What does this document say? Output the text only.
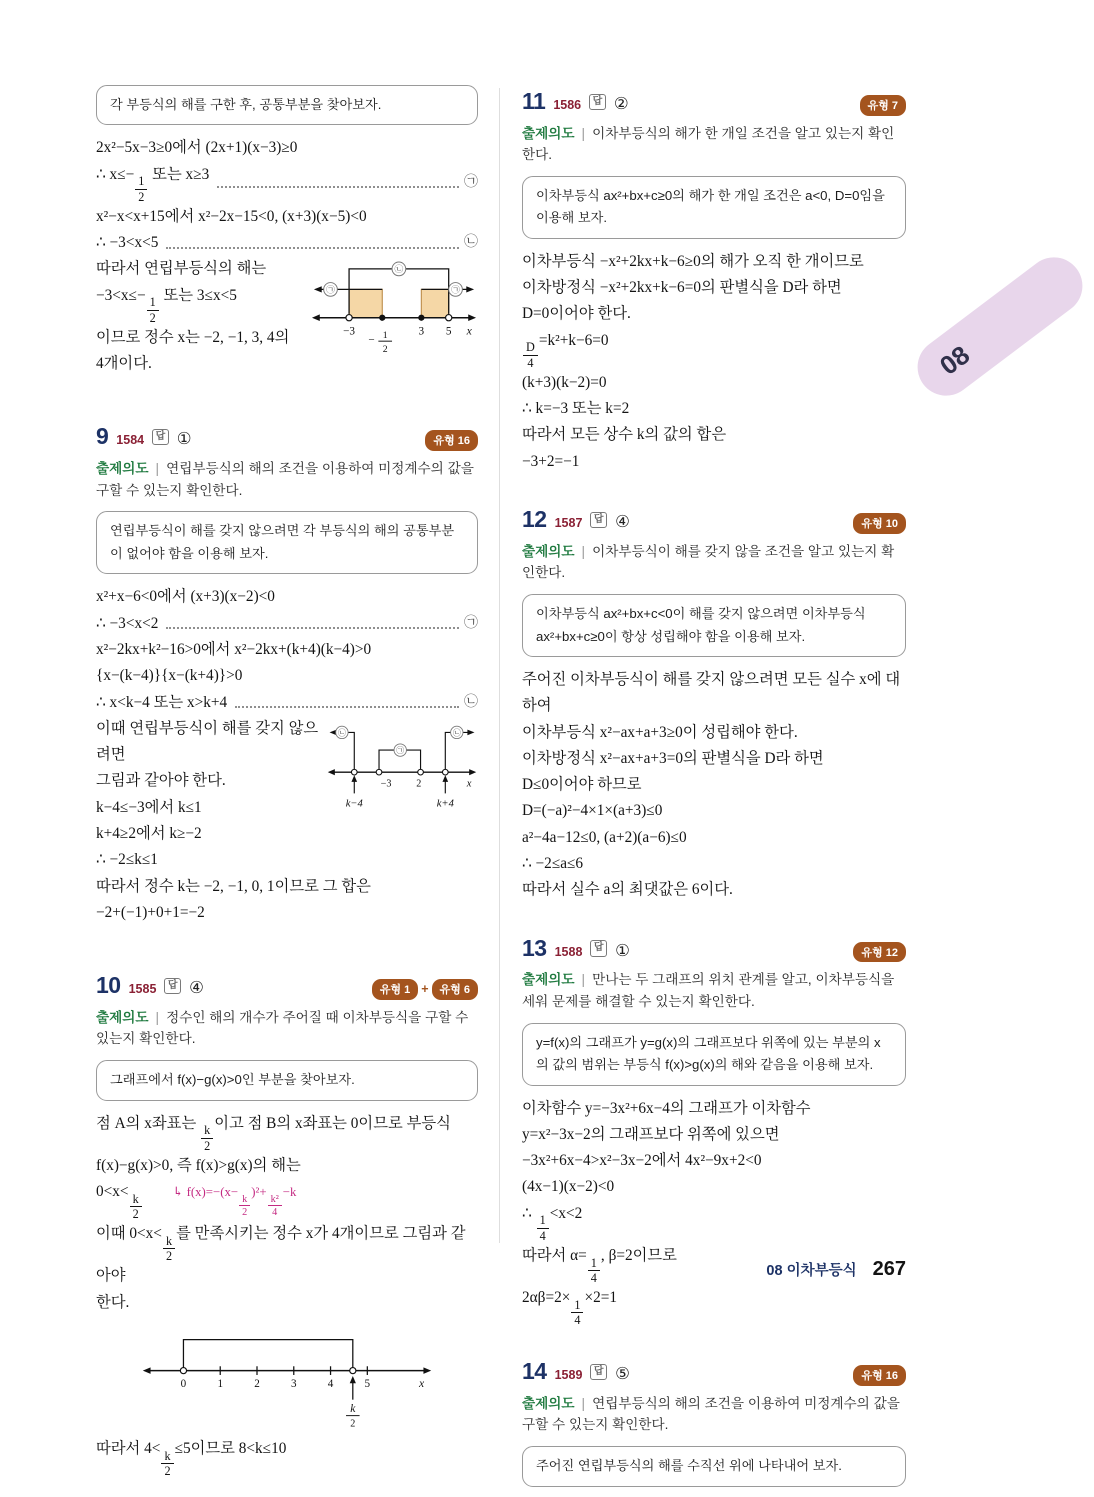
각 부등식의 해를 구한 후, 공통부분을 찾아보자.
2x²−5x−3≥0에서 (2x+1)(x−3)≥0
∴ x≤−
$\frac{1}{2}$
또는 x≥3	㉠
x²−x<x+15에서 x²−2x−15<0, (x+3)(x−5)<0
∴ −3<x<5	㉡
따라서 연립부등식의 해는
−3<x≤−
$\frac{1}{2}$
또는 3≤x<5
이므로 정수 x는 −2, −1, 3, 4의
4개이다.
㉡
㉠	㉠
−3
− 1
2
3 5 x
9 1584	답 ①	유형 16
출제의도 | 연립부등식의 해의 조건을 이용하여 미정계수의 값을 구할 수 있는지 확인한다.
연립부등식이 해를 갖지 않으려면 각 부등식의 해의 공통부분이 없어야 함을 이용해 보자.
x²+x−6<0에서 (x+3)(x−2)<0
∴ −3<x<2	㉠
x²−2kx+k²−16>0에서 x²−2kx+(k+4)(k−4)>0
{x−(k−4)}{x−(k+4)}>0
∴ x<k−4 또는 x>k+4	㉡
이때 연립부등식이 해를 갖지 않으려면
그림과 같아야 한다.
k−4≤−3에서 k≤1
k+4≥2에서 k≥−2
㉠
㉡	㉡
−3 2	x
k−4	k+4
∴ −2≤k≤1
따라서 정수 k는 −2, −1, 0, 1이므로 그 합은
−2+(−1)+0+1=−2
10 1585	답 ④	유형 1 +	유형 6
출제의도 | 정수인 해의 개수가 주어질 때 이차부등식을 구할 수 있는지 확인한다.
그래프에서 f(x)−g(x)>0인 부분을 찾아보자.
점 A의 x좌표는
$\frac{k}{2}$
이고 점 B의 x좌표는 0이므로 부등식
f(x)−g(x)>0, 즉 f(x)>g(x)의 해는
0<x<
$\frac{k}{2}$
↳ f(x)=−(x−
$\frac{k}{2}$
)²+
$\frac{\text{k²}}{4}$
−k
이때 0<x<
$\frac{k}{2}$
를 만족시키는 정수 x가 4개이므로 그림과 같아야
한다.
0	1	2	3	4	5	x
k
2
따라서 4<
$\frac{k}{2}$
≤5이므로 8<k≤10
11 1586	답 ②	유형 7
출제의도 | 이차부등식의 해가 한 개일 조건을 알고 있는지 확인한다.
이차부등식 ax²+bx+c≥0의 해가 한 개일 조건은 a<0, D=0임을 이용해 보자.
이차부등식 −x²+2kx+k−6≥0의 해가 오직 한 개이므로
이차방정식 −x²+2kx+k−6=0의 판별식을 D라 하면
D=0이어야 한다.
$\frac{D}{4}$
=k²+k−6=0
(k+3)(k−2)=0
∴ k=−3 또는 k=2
따라서 모든 상수 k의 값의 합은
−3+2=−1
12 1587	답 ④	유형 10
출제의도 | 이차부등식이 해를 갖지 않을 조건을 알고 있는지 확인한다.
이차부등식 ax²+bx+c<0이 해를 갖지 않으려면 이차부등식 ax²+bx+c≥0이 항상 성립해야 함을 이용해 보자.
주어진 이차부등식이 해를 갖지 않으려면 모든 실수 x에 대하여
이차부등식 x²−ax+a+3≥0이 성립해야 한다.
이차방정식 x²−ax+a+3=0의 판별식을 D라 하면
D≤0이어야 하므로
D=(−a)²−4×1×(a+3)≤0
a²−4a−12≤0, (a+2)(a−6)≤0
∴ −2≤a≤6
따라서 실수 a의 최댓값은 6이다.
13 1588	답 ①	유형 12
출제의도 | 만나는 두 그래프의 위치 관계를 알고, 이차부등식을 세워 문제를 해결할 수 있는지 확인한다.
y=f(x)의 그래프가 y=g(x)의 그래프보다 위쪽에 있는 부분의 x의 값의 범위는 부등식 f(x)>g(x)의 해와 같음을 이용해 보자.
이차함수 y=−3x²+6x−4의 그래프가 이차함수
y=x²−3x−2의 그래프보다 위쪽에 있으면
−3x²+6x−4>x²−3x−2에서 4x²−9x+2<0
(4x−1)(x−2)<0
∴
$\frac{1}{4}$
<x<2
따라서 α=
$\frac{1}{4}$
, β=2이므로
2αβ=2×
$\frac{1}{4}$
×2=1
14 1589	답 ⑤	유형 16
출제의도 | 연립부등식의 해의 조건을 이용하여 미정계수의 값을 구할 수 있는지 확인한다.
주어진 연립부등식의 해를 수직선 위에 나타내어 보자.
08 이차부등식 267
08
